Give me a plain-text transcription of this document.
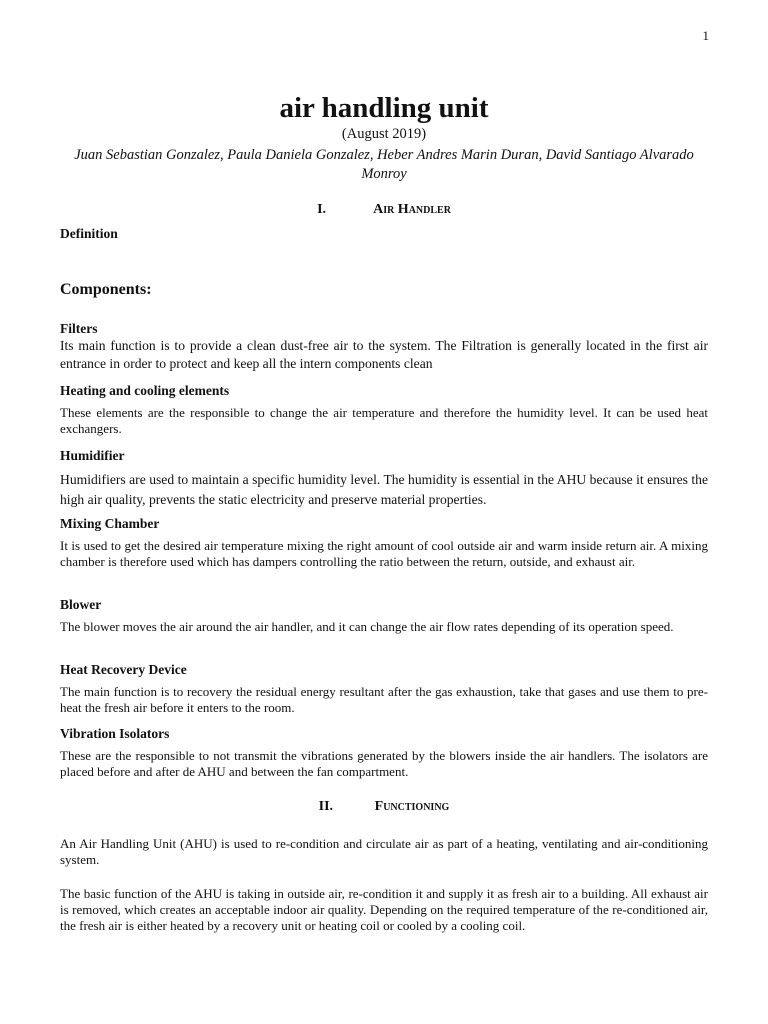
1
air handling unit
(August 2019)
Juan Sebastian Gonzalez, Paula Daniela Gonzalez, Heber Andres Marin Duran, David Santiago Alvarado Monroy
I.	Air Handler

Definition

Components:

Filters

Its main function is to provide a clean dust-free air to the system. The Filtration is generally located in the first air entrance in order to protect and keep all the intern components clean

Heating and cooling elements

These elements are the responsible to change the air temperature and therefore the humidity level. It can be used heat exchangers.

Humidifier

Humidifiers are used to maintain a specific humidity level. The humidity is essential in the AHU because it ensures the high air quality, prevents the static electricity and preserve material properties.

Mixing Chamber

It is used to get the desired air temperature mixing the right amount of cool outside air and warm inside return air. A mixing chamber is therefore used which has dampers controlling the ratio between the return, outside, and exhaust air.

Blower

The blower moves the air around the air handler, and it can change the air flow rates depending of its operation speed.

Heat Recovery Device

The main function is to recovery the residual energy resultant after the gas exhaustion, take that gases and use them to pre-heat the fresh air before it enters to the room.

Vibration Isolators

These are the responsible to not transmit the vibrations generated by the blowers inside the air handlers. The isolators are placed before and after de AHU and between the fan compartment.

II.	Functioning

An Air Handling Unit (AHU) is used to re-condition and circulate air as part of a heating, ventilating and air-conditioning system.

The basic function of the AHU is taking in outside air, re-condition it and supply it as fresh air to a building. All exhaust air is removed, which creates an acceptable indoor air quality. Depending on the required temperature of the re-conditioned air, the fresh air is either heated by a recovery unit or heating coil or cooled by a cooling coil.
